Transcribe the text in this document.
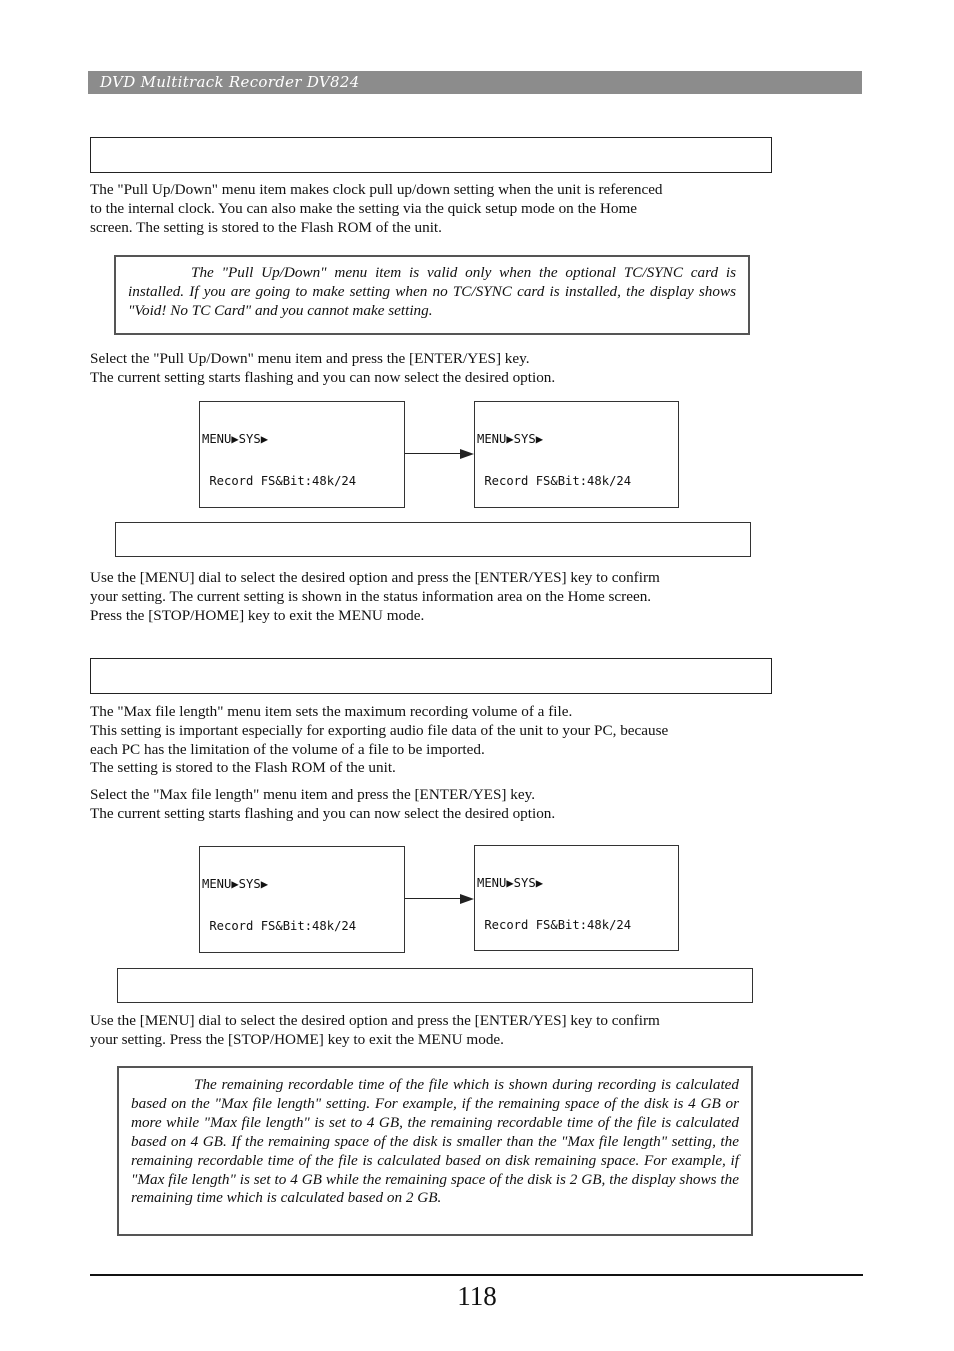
DVD Multitrack Recorder DV824

The "Pull Up/Down" menu item makes clock pull up/down setting when the unit is referenced

to the internal clock. You can also make the setting via the quick setup mode on the Home

screen. The setting is stored to the Flash ROM of the unit.

The "Pull Up/Down" menu item is valid only when the optional TC/SYNC card is installed. If you are going to make setting when no TC/SYNC card is installed, the display shows "Void! No TC Card" and you cannot make setting.

Select the "Pull Up/Down" menu item and press the [ENTER/YES] key.

The current setting starts flashing and you can now select the desired option.

MENU▶SYS▶

Record FS&Bit:48k/24

MENU▶SYS▶

Record FS&Bit:48k/24

Use the [MENU] dial to select the desired option and press the [ENTER/YES] key to confirm

your setting. The current setting is shown in the status information area on the Home screen.

Press the [STOP/HOME] key to exit the MENU mode.

The "Max file length" menu item sets the maximum recording volume of a file.

This setting is important especially for exporting audio file data of the unit to your PC, because

each PC has the limitation of the volume of a file to be imported.

The setting is stored to the Flash ROM of the unit.

Select the "Max file length" menu item and press the [ENTER/YES] key.

The current setting starts flashing and you can now select the desired option.

MENU▶SYS▶

Record FS&Bit:48k/24

MENU▶SYS▶

Record FS&Bit:48k/24

Use the [MENU] dial to select the desired option and press the [ENTER/YES] key to confirm

your setting. Press the [STOP/HOME] key to exit the MENU mode.

The remaining recordable time of the file which is shown during recording is calculated based on the "Max file length" setting. For example, if the remaining space of the disk is 4 GB or more while "Max file length" is set to 4 GB, the remaining recordable time of the file is calculated based on 4 GB. If the remaining space of the disk is smaller than the "Max file length" setting, the remaining recordable time of the file is calculated based on disk remaining space. For example, if "Max file length" is set to 4 GB while the remaining space of the disk is 2 GB, the display shows the remaining time which is calculated based on 2 GB.

118
